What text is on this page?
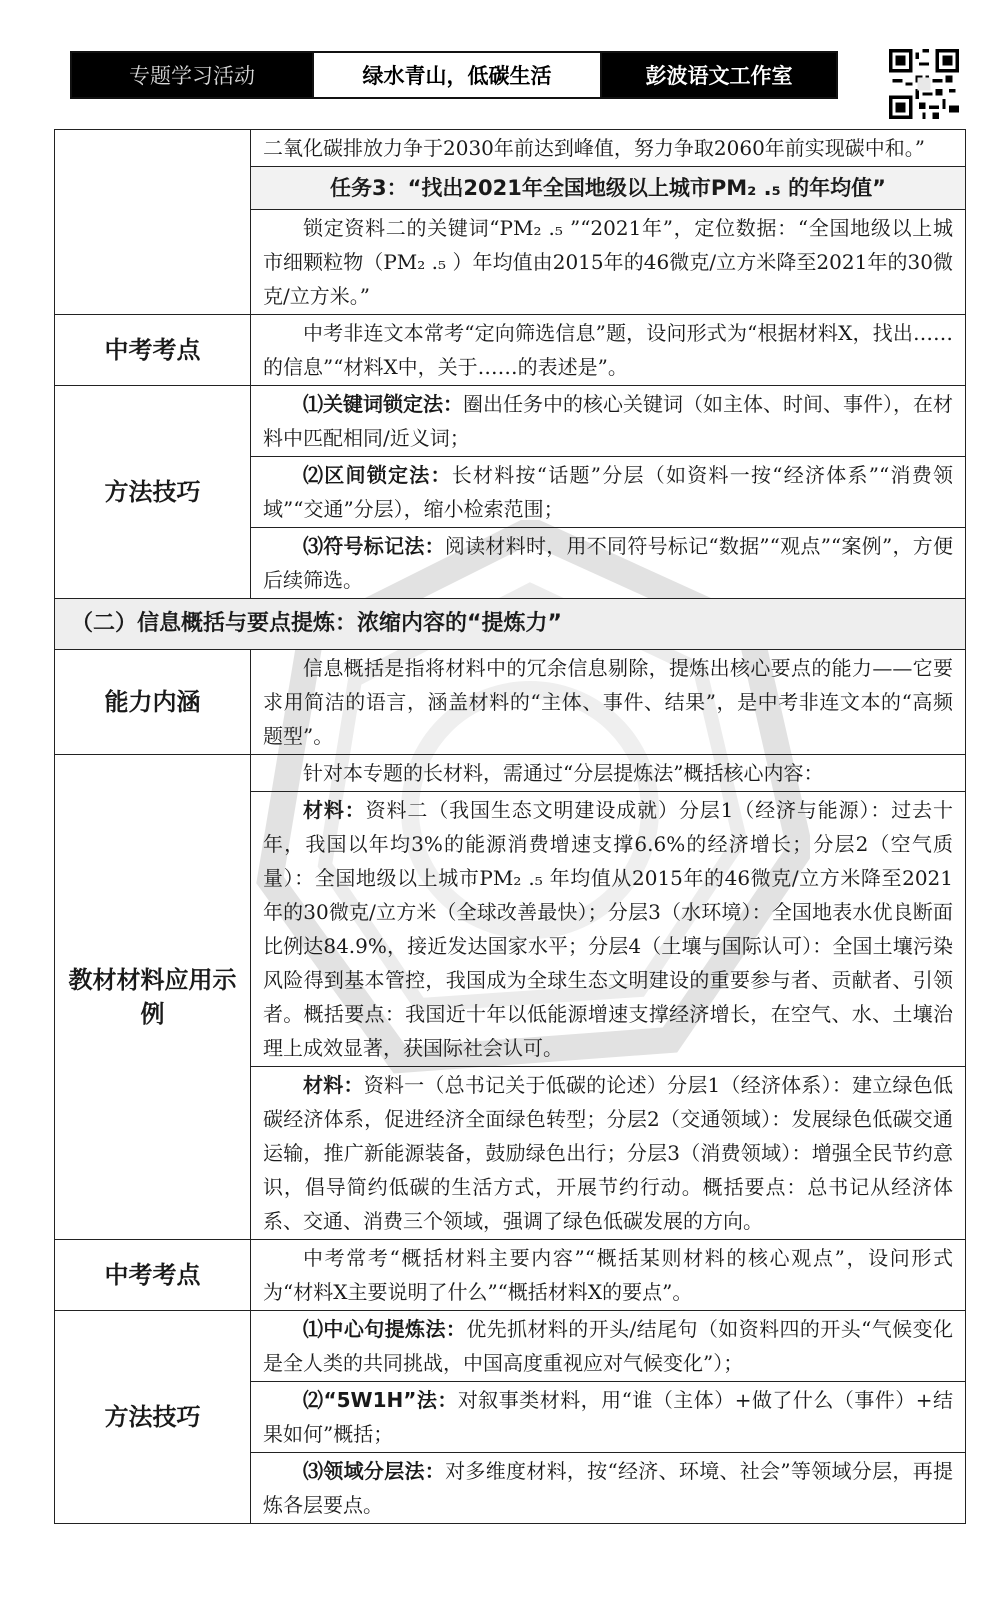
专题学习活动	绿水青山，低碳生活	彭波语文工作室
	二氧化碳排放力争于2030年前达到峰值，努力争取2060年前实现碳中和。”
	任务3：“找出2021年全国地级以上城市PM₂ .₅ 的年均值”
	锁定资料二的关键词“PM₂ .₅ ”“2021年”，定位数据：“全国地级以上城市细颗粒物（PM₂ .₅ ）年均值由2015年的46微克/立方米降至2021年的30微克/立方米。”
中考考点	中考非连文本常考“定向筛选信息”题，设问形式为“根据材料X，找出……的信息”“材料X中，关于……的表述是”。
方法技巧	⑴关键词锁定法：圈出任务中的核心关键词（如主体、时间、事件），在材料中匹配相同/近义词；
	⑵区间锁定法：长材料按“话题”分层（如资料一按“经济体系”“消费领域”“交通”分层），缩小检索范围；
	⑶符号标记法：阅读材料时，用不同符号标记“数据”“观点”“案例”，方便后续筛选。
（二）信息概括与要点提炼：浓缩内容的“提炼力”	
能力内涵	信息概括是指将材料中的冗余信息剔除，提炼出核心要点的能力——它要求用简洁的语言，涵盖材料的“主体、事件、结果”，是中考非连文本的“高频题型”。
教材材料应用示例	针对本专题的长材料，需通过“分层提炼法”概括核心内容：
	材料：资料二（我国生态文明建设成就）分层1（经济与能源）：过去十年，我国以年均3%的能源消费增速支撑6.6%的经济增长；分层2（空气质量）：全国地级以上城市PM₂ .₅ 年均值从2015年的46微克/立方米降至2021年的30微克/立方米（全球改善最快）；分层3（水环境）：全国地表水优良断面比例达84.9%，接近发达国家水平；分层4（土壤与国际认可）：全国土壤污染风险得到基本管控，我国成为全球生态文明建设的重要参与者、贡献者、引领者。概括要点：我国近十年以低能源增速支撑经济增长，在空气、水、土壤治理上成效显著，获国际社会认可。
	材料：资料一（总书记关于低碳的论述）分层1（经济体系）：建立绿色低碳经济体系，促进经济全面绿色转型；分层2（交通领域）：发展绿色低碳交通运输，推广新能源装备，鼓励绿色出行；分层3（消费领域）：增强全民节约意识，倡导简约低碳的生活方式，开展节约行动。概括要点：总书记从经济体系、交通、消费三个领域，强调了绿色低碳发展的方向。
中考考点	中考常考“概括材料主要内容”“概括某则材料的核心观点”，设问形式为“材料X主要说明了什么”“概括材料X的要点”。
方法技巧	⑴中心句提炼法：优先抓材料的开头/结尾句（如资料四的开头“气候变化是全人类的共同挑战，中国高度重视应对气候变化”）；
	⑵“5W1H”法：对叙事类材料，用“谁（主体）+做了什么（事件）+结果如何”概括；
	⑶领域分层法：对多维度材料，按“经济、环境、社会”等领域分层，再提炼各层要点。
